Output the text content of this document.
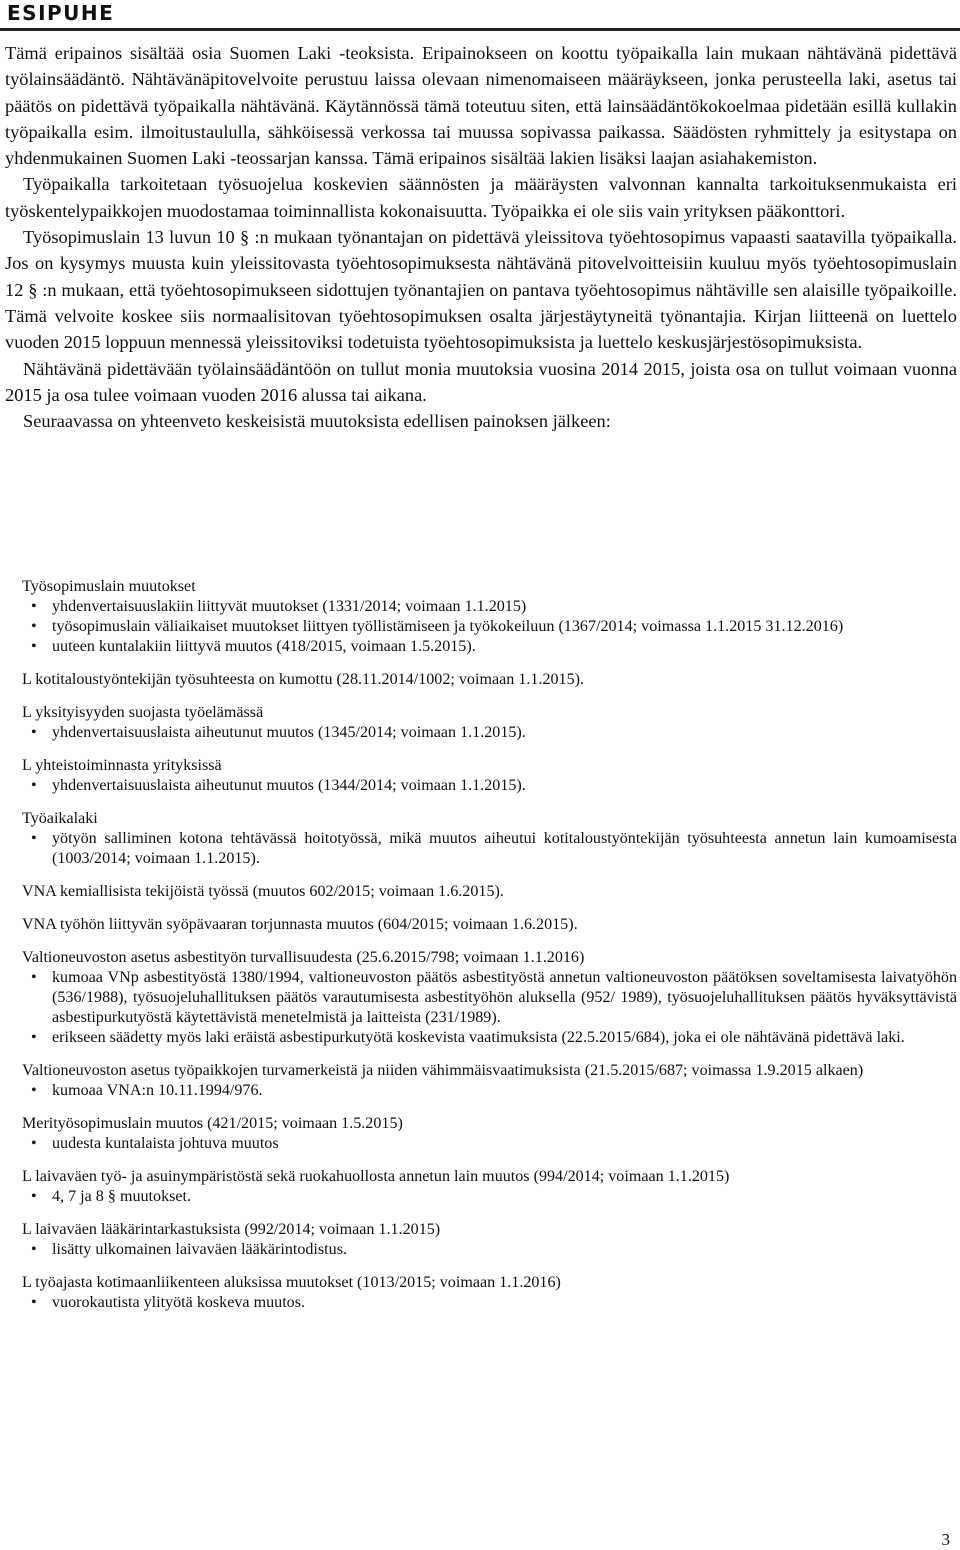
ESIPUHE

Tämä eripainos sisältää osia Suomen Laki -teoksista. Eripainokseen on koottu työpaikalla lain mukaan nähtävänä pidettävä työlainsäädäntö. Nähtävänäpitovelvoite perustuu laissa olevaan nimenomaiseen määräykseen, jonka perusteella laki, asetus tai päätös on pidettävä työpaikalla nähtävänä. Käytännössä tämä toteutuu siten, että lainsäädäntökokoelmaa pidetään esillä kullakin työpaikalla esim. ilmoitustaululla, sähköisessä verkossa tai muussa sopivassa paikassa. Säädösten ryhmittely ja esitystapa on yhdenmukainen Suomen Laki -teossarjan kanssa. Tämä eripainos sisältää lakien lisäksi laajan asiahakemiston.

Työpaikalla tarkoitetaan työsuojelua koskevien säännösten ja määräysten valvonnan kannalta tarkoituksenmukaista eri työskentelypaikkojen muodostamaa toiminnallista kokonaisuutta. Työpaikka ei ole siis vain yrityksen pääkonttori.

Työsopimuslain 13 luvun 10 § :n mukaan työnantajan on pidettävä yleissitova työehtosopimus vapaasti saatavilla työpaikalla. Jos on kysymys muusta kuin yleissitovasta työehtosopimuksesta nähtävänä pitovelvoitteisiin kuuluu myös työehtosopimuslain 12 § :n mukaan, että työehtosopimukseen sidottujen työnantajien on pantava työehtosopimus nähtäville sen alaisille työpaikoille. Tämä velvoite koskee siis normaalisitovan työehtosopimuksen osalta järjestäytyneitä työnantajia. Kirjan liitteenä on luettelo vuoden 2015 loppuun mennessä yleissitoviksi todetuista työehtosopimuksista ja luettelo keskusjärjestösopimuksista.

Nähtävänä pidettävään työlainsäädäntöön on tullut monia muutoksia vuosina 2014 2015, joista osa on tullut voimaan vuonna 2015 ja osa tulee voimaan vuoden 2016 alussa tai aikana.

Seuraavassa on yhteenveto keskeisistä muutoksista edellisen painoksen jälkeen:

Työsopimuslain muutokset
• yhdenvertaisuuslakiin liittyvät muutokset (1331/2014; voimaan 1.1.2015)
• työsopimuslain väliaikaiset muutokset liittyen työllistämiseen ja työkokeiluun (1367/2014; voimassa 1.1.2015 31.12.2016)
• uuteen kuntalakiin liittyvä muutos (418/2015, voimaan 1.5.2015).
L kotitaloustyöntekijän työsuhteesta on kumottu (28.11.2014/1002; voimaan 1.1.2015).
L yksityisyyden suojasta työelämässä
• yhdenvertaisuuslaista aiheutunut muutos (1345/2014; voimaan 1.1.2015).
L yhteistoiminnasta yrityksissä
• yhdenvertaisuuslaista aiheutunut muutos (1344/2014; voimaan 1.1.2015).
Työaikalaki
• yötyön salliminen kotona tehtävässä hoitotyössä, mikä muutos aiheutui kotitaloustyöntekijän työsuhteesta annetun lain kumoamisesta (1003/2014; voimaan 1.1.2015).
VNA kemiallisista tekijöistä työssä (muutos 602/2015; voimaan 1.6.2015).
VNA työhön liittyvän syöpävaaran torjunnasta muutos (604/2015; voimaan 1.6.2015).
Valtioneuvoston asetus asbestityön turvallisuudesta (25.6.2015/798; voimaan 1.1.2016)
• kumoaa VNp asbestityöstä 1380/1994, valtioneuvoston päätös asbestityöstä annetun valtioneuvoston päätöksen soveltamisesta laivatyöhön (536/1988), työsuojeluhallituksen päätös varautumisesta asbestityöhön aluksella (952/ 1989), työsuojeluhallituksen päätös hyväksyttävistä asbestipurkutyöstä käytettävistä menetelmistä ja laitteista (231/1989).
• erikseen säädetty myös laki eräistä asbestipurkutyötä koskevista vaatimuksista (22.5.2015/684), joka ei ole nähtävänä pidettävä laki.
Valtioneuvoston asetus työpaikkojen turvamerkeistä ja niiden vähimmäisvaatimuksista (21.5.2015/687; voimassa 1.9.2015 alkaen)
• kumoaa VNA:n 10.11.1994/976.
Merityösopimuslain muutos (421/2015; voimaan 1.5.2015)
• uudesta kuntalaista johtuva muutos
L laivaväen työ- ja asuinympäristöstä sekä ruokahuollosta annetun lain muutos (994/2014; voimaan 1.1.2015)
• 4, 7 ja 8 § muutokset.
L laivaväen lääkärintarkastuksista (992/2014; voimaan 1.1.2015)
• lisätty ulkomainen laivaväen lääkärintodistus.
L työajasta kotimaanliikenteen aluksissa muutokset (1013/2015; voimaan 1.1.2016)
• vuorokautista ylityötä koskeva muutos.
3
